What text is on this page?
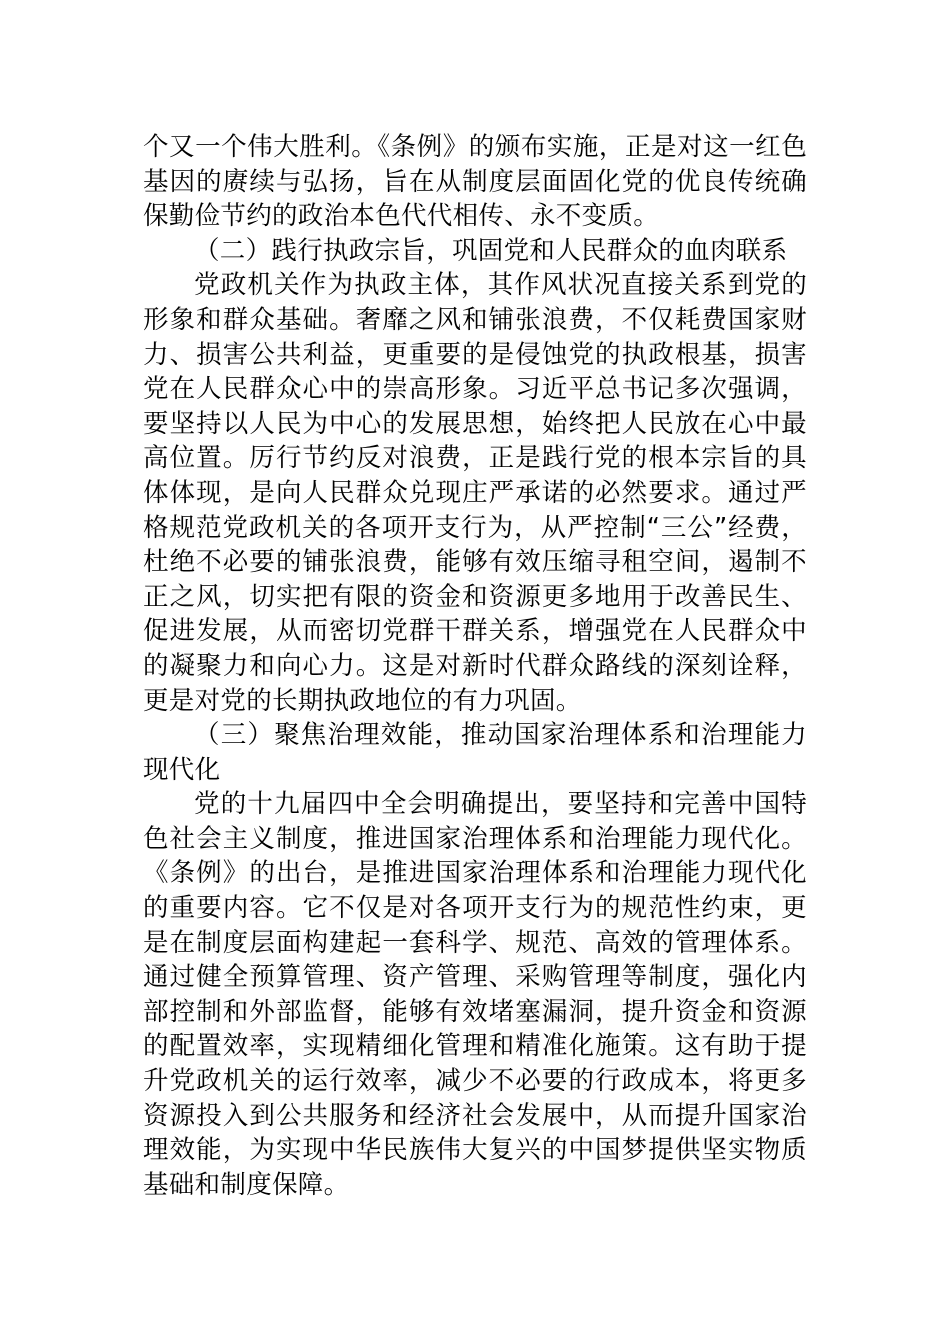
个又一个伟大胜利。《条例》的颁布实施，正是对这一红色基因的赓续与弘扬，旨在从制度层面固化党的优良传统确保勤俭节约的政治本色代代相传、永不变质。

（二）践行执政宗旨，巩固党和人民群众的血肉联系

党政机关作为执政主体，其作风状况直接关系到党的形象和群众基础。奢靡之风和铺张浪费，不仅耗费国家财力、损害公共利益，更重要的是侵蚀党的执政根基，损害党在人民群众心中的崇高形象。习近平总书记多次强调，要坚持以人民为中心的发展思想，始终把人民放在心中最高位置。厉行节约反对浪费，正是践行党的根本宗旨的具体体现，是向人民群众兑现庄严承诺的必然要求。通过严格规范党政机关的各项开支行为，从严控制“三公”经费，杜绝不必要的铺张浪费，能够有效压缩寻租空间，遏制不正之风，切实把有限的资金和资源更多地用于改善民生、促进发展，从而密切党群干群关系，增强党在人民群众中的凝聚力和向心力。这是对新时代群众路线的深刻诠释，更是对党的长期执政地位的有力巩固。

（三）聚焦治理效能，推动国家治理体系和治理能力现代化

党的十九届四中全会明确提出，要坚持和完善中国特色社会主义制度，推进国家治理体系和治理能力现代化。《条例》的出台，是推进国家治理体系和治理能力现代化的重要内容。它不仅是对各项开支行为的规范性约束，更是在制度层面构建起一套科学、规范、高效的管理体系。通过健全预算管理、资产管理、采购管理等制度，强化内部控制和外部监督，能够有效堵塞漏洞，提升资金和资源的配置效率，实现精细化管理和精准化施策。这有助于提升党政机关的运行效率，减少不必要的行政成本，将更多资源投入到公共服务和经济社会发展中，从而提升国家治理效能，为实现中华民族伟大复兴的中国梦提供坚实物质基础和制度保障。
